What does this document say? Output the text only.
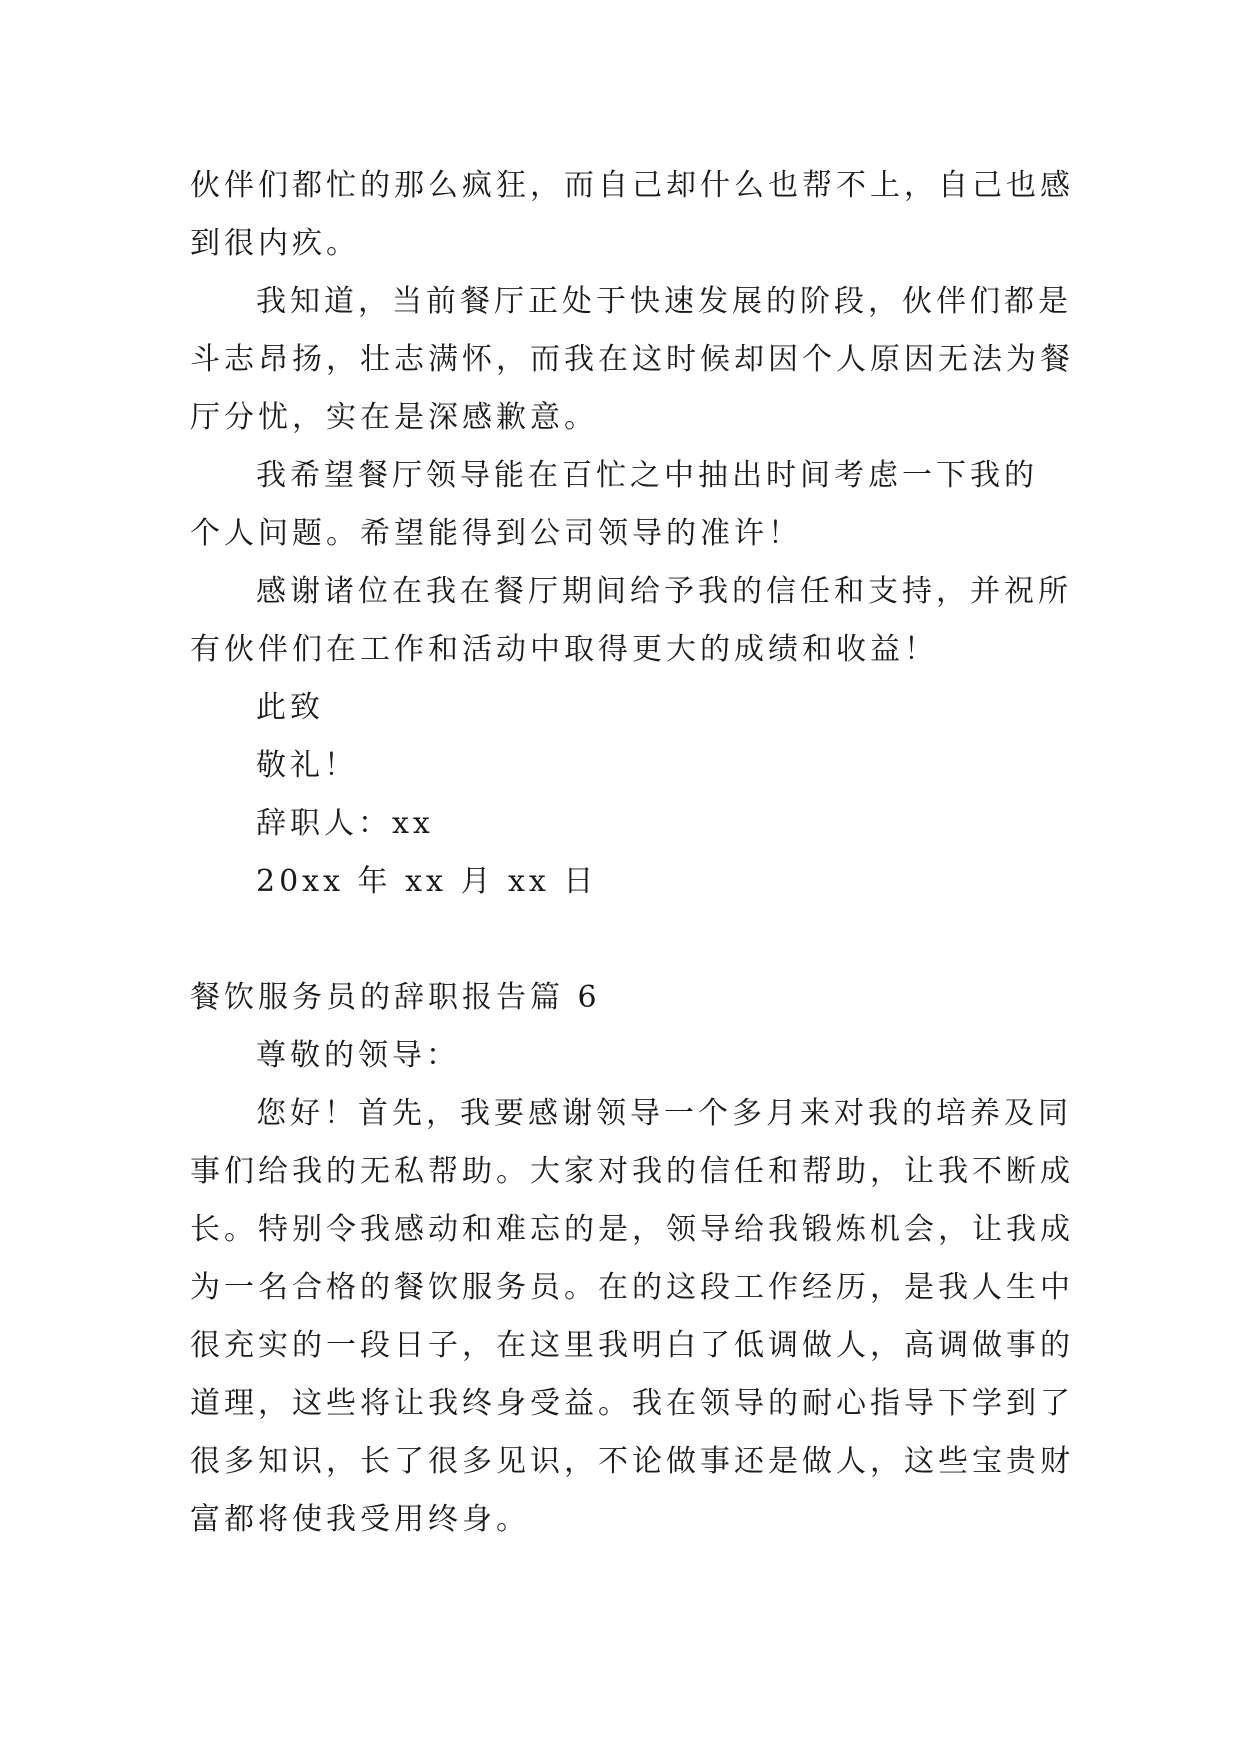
伙伴们都忙的那么疯狂，而自己却什么也帮不上，自己也感
到很内疚。
我知道，当前餐厅正处于快速发展的阶段，伙伴们都是
斗志昂扬，壮志满怀，而我在这时候却因个人原因无法为餐
厅分忧，实在是深感歉意。
我希望餐厅领导能在百忙之中抽出时间考虑一下我的
个人问题。希望能得到公司领导的准许！
感谢诸位在我在餐厅期间给予我的信任和支持，并祝所
有伙伴们在工作和活动中取得更大的成绩和收益！
此致
敬礼！
辞职人：xx
20xx 年 xx 月 xx 日
餐饮服务员的辞职报告篇 6
尊敬的领导：
您好！首先，我要感谢领导一个多月来对我的培养及同
事们给我的无私帮助。大家对我的信任和帮助，让我不断成
长。特别令我感动和难忘的是，领导给我锻炼机会，让我成
为一名合格的餐饮服务员。在的这段工作经历，是我人生中
很充实的一段日子，在这里我明白了低调做人，高调做事的
道理，这些将让我终身受益。我在领导的耐心指导下学到了
很多知识，长了很多见识，不论做事还是做人，这些宝贵财
富都将使我受用终身。
